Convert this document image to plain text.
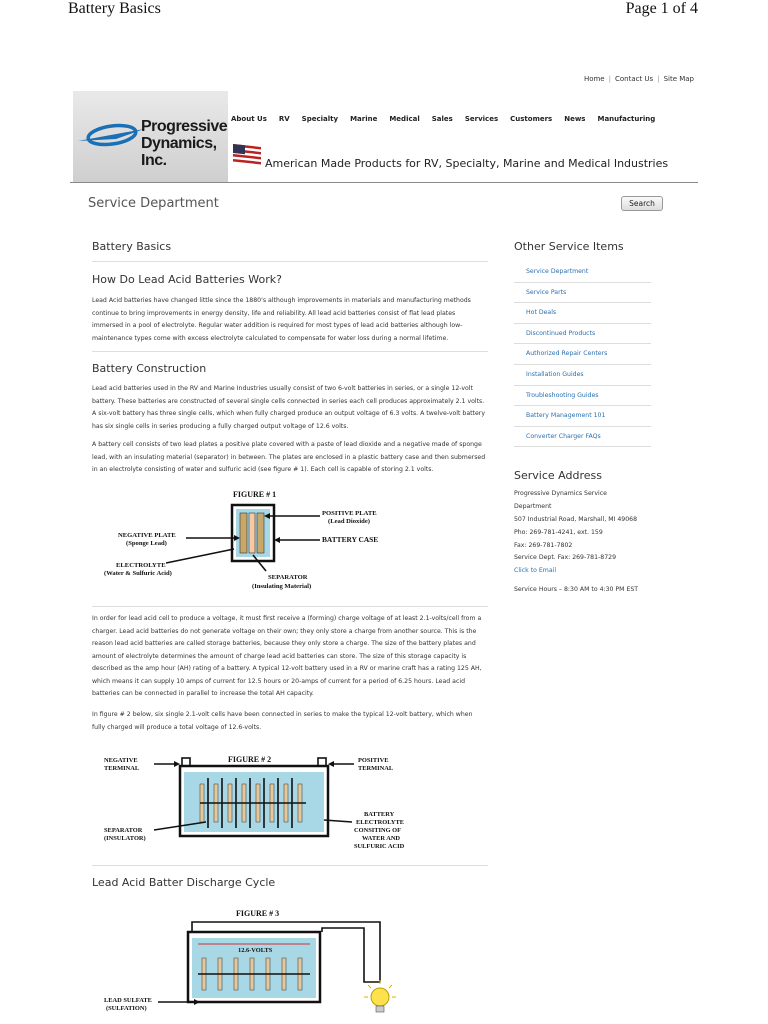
Battery Basics	Page 1 of 4
Home | Contact Us | Site Map
Progressive
Dynamics, Inc.
About Us RV Specialty Marine Medical Sales Services Customers News Manufacturing
American Made Products for RV, Specialty, Marine and Medical Industries
Service Department	Search
Battery Basics
How Do Lead Acid Batteries Work?

Lead Acid batteries have changed little since the 1880's although improvements in materials and manufacturing methods

continue to bring improvements in energy density, life and reliability. All lead acid batteries consist of flat lead plates

immersed in a pool of electrolyte. Regular water addition is required for most types of lead acid batteries although low-

maintenance types come with excess electrolyte calculated to compensate for water loss during a normal lifetime.

Battery Construction

Lead acid batteries used in the RV and Marine Industries usually consist of two 6-volt batteries in series, or a single 12-volt

battery. These batteries are constructed of several single cells connected in series each cell produces approximately 2.1 volts.

A six-volt battery has three single cells, which when fully charged produce an output voltage of 6.3 volts. A twelve-volt battery

has six single cells in series producing a fully charged output voltage of 12.6 volts.

A battery cell consists of two lead plates a positive plate covered with a paste of lead dioxide and a negative made of sponge

lead, with an insulating material (separator) in between. The plates are enclosed in a plastic battery case and then submersed

in an electrolyte consisting of water and sulfuric acid (see figure # 1). Each cell is capable of storing 2.1 volts.

FIGURE # 1
POSITIVE PLATE
(Lead Dioxide)
NEGATIVE PLATE
(Sponge Lead)	BATTERY CASE
ELECTROLYTE
(Water & Sulfuric Acid)
SEPARATOR
(Insulating Material)

In order for lead acid cell to produce a voltage, it must first receive a (forming) charge voltage of at least 2.1-volts/cell from a

charger. Lead acid batteries do not generate voltage on their own; they only store a charge from another source. This is the

reason lead acid batteries are called storage batteries, because they only store a charge. The size of the battery plates and

amount of electrolyte determines the amount of charge lead acid batteries can store. The size of this storage capacity is

described as the amp hour (AH) rating of a battery. A typical 12-volt battery used in a RV or marine craft has a rating 125 AH,

which means it can supply 10 amps of current for 12.5 hours or 20-amps of current for a period of 6.25 hours. Lead acid

batteries can be connected in parallel to increase the total AH capacity.

In figure # 2 below, six single 2.1-volt cells have been connected in series to make the typical 12-volt battery, which when

fully charged will produce a total voltage of 12.6-volts.

FIGURE # 2
NEGATIVE
TERMINAL
POSITIVE
TERMINAL
SEPARATOR
(INSULATOR)
BATTERY
ELECTROLYTE
CONSITING OF
WATER AND
SULFURIC ACID
Lead Acid Batter Discharge Cycle
FIGURE # 3
12.6-VOLTS
LEAD SULFATE
(SULFATION)
Other Service Items
Service Department
Service Parts
Hot Deals
Discontinued Products
Authorized Repair Centers
Installation Guides
Troubleshooting Guides
Battery Management 101
Converter Charger FAQs
Service Address
Progressive Dynamics Service
Department
507 Industrial Road, Marshall, MI 49068
Pho: 269-781-4241, ext. 159
Fax: 269-781-7802
Service Dept. Fax: 269-781-8729
Click to Email
Service Hours – 8:30 AM to 4:30 PM EST
